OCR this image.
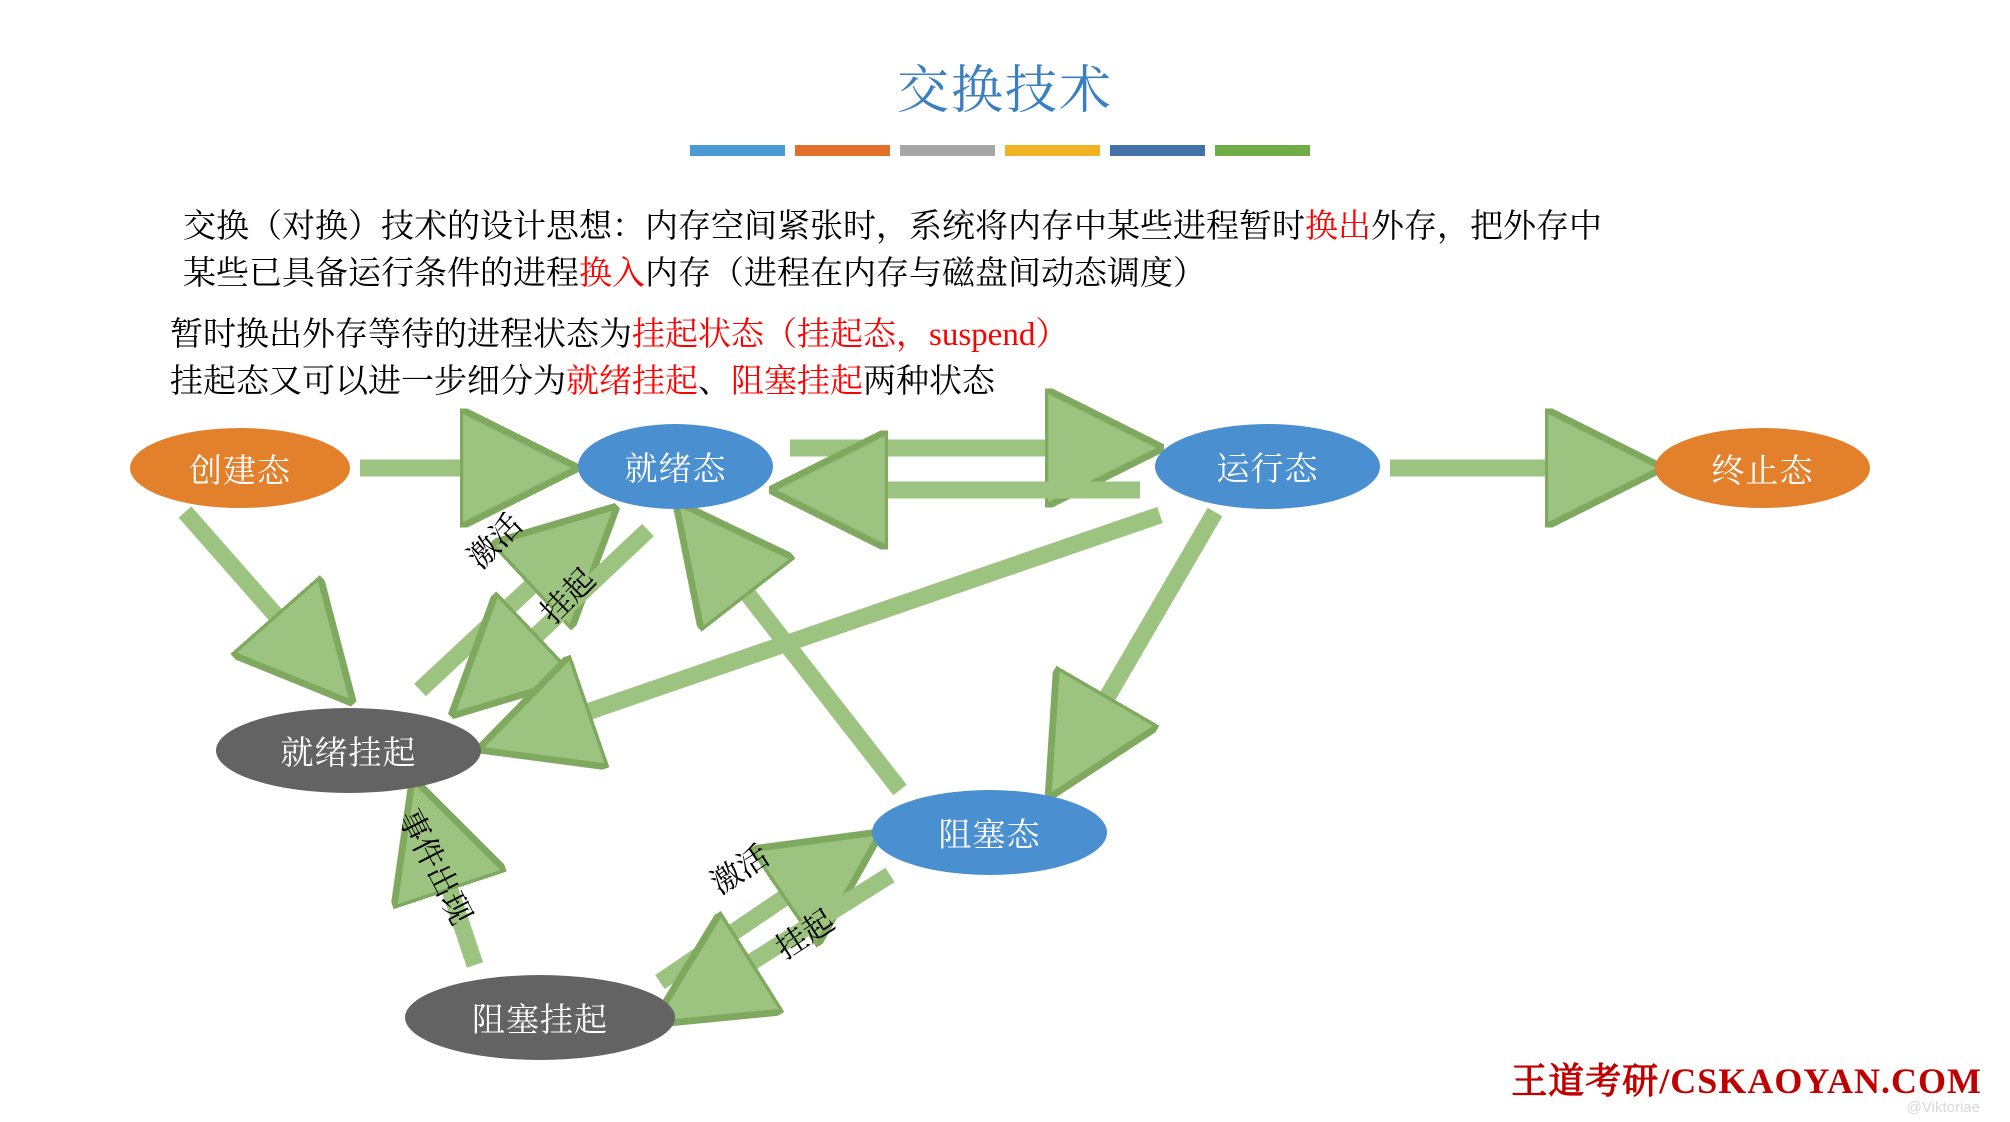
交换技术
交换（对换）技术的设计思想：内存空间紧张时，系统将内存中某些进程暂时换出外存，把外存中
某些已具备运行条件的进程换入内存（进程在内存与磁盘间动态调度）
暂时换出外存等待的进程状态为挂起状态（挂起态，suspend）
挂起态又可以进一步细分为就绪挂起、阻塞挂起两种状态
创建态	就绪态	运行态	终止态
就绪挂起
阻塞态
阻塞挂起
激活
挂起
事件出现	激活
挂起
王道考研/CSKAOYAN.COM
@Viktoriae
